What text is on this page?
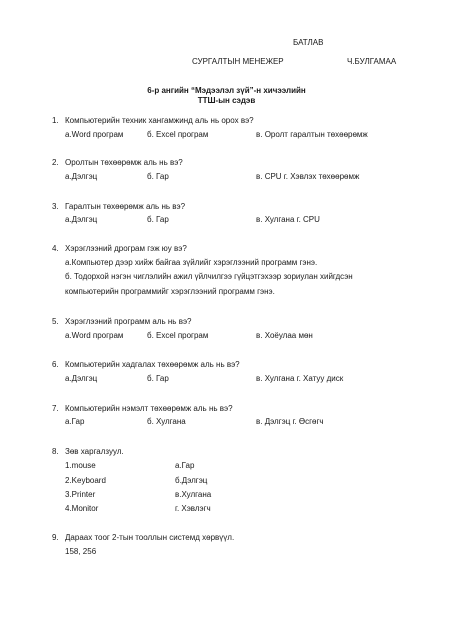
БАТЛАВ
СУРГАЛТЫН МЕНЕЖЕР	Ч.БУЛГАМАА
6-р ангийн “Мэдээлэл зүй”-н хичээлийн
ТТШ-ын сэдэв
1. Компьютерийн техник хангамжинд аль нь орох вэ?
а.Word програм	б. Excel програм	в. Оролт гаралтын төхөөрөмж
2. Оролтын төхөөрөмж аль нь вэ?
а.Дэлгэц	б. Гар	в. CPU г. Хэвлэх төхөөрөмж
3. Гаралтын төхөөрөмж аль нь вэ?
а.Дэлгэц	б. Гар	в. Хулгана г. CPU
4. Хэрэглээний дрограм гэж юу вэ?
а.Компьютер дээр хийж байгаа зүйлийг хэрэглээний программ гэнэ.
б. Тодорхой нэгэн чиглэлийн ажил үйлчилгээ гүйцэтгэхээр зориулан хийгдсэн
компьютерийн программийг хэрэглээний программ гэнэ.
5. Хэрэглээний программ аль нь вэ?
а.Word програм	б. Excel програм	в. Хоёулаа мөн
6. Компьютерийн хадгалах төхөөрөмж аль нь вэ?
а.Дэлгэц	б. Гар	в. Хулгана г. Хатуу диск
7. Компьютерийн нэмэлт төхөөрөмж аль нь вэ?
а.Гар	б. Хулгана	в. Дэлгэц г. Өсгөгч
8. Зөв харгалзуул.
1.mouse	а.Гар
2.Keyboard	б.Дэлгэц
3.Printer	в.Хулгана
4.Monitor	г. Хэвлэгч
9. Дараах тоог 2-тын тооллын системд хөрвүүл.
158, 256
